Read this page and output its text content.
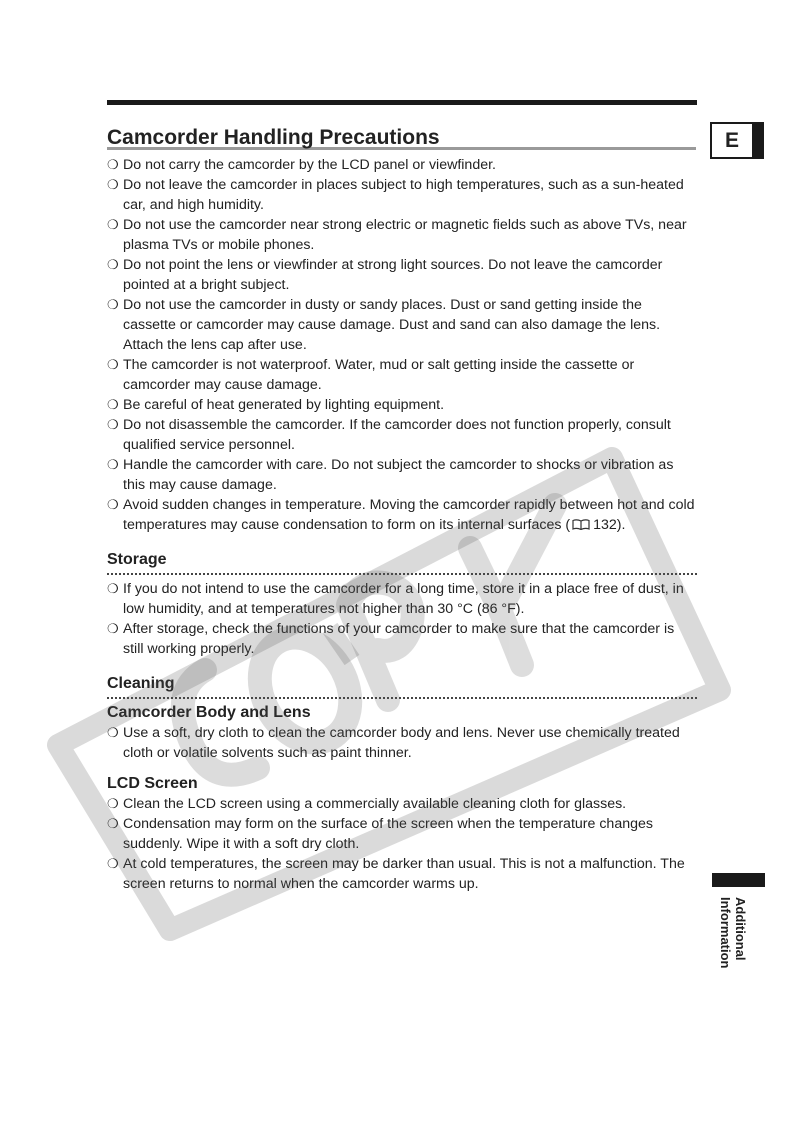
Camcorder Handling Precautions	E
❍ Do not carry the camcorder by the LCD panel or viewfinder.
❍ Do not leave the camcorder in places subject to high temperatures, such as a sun-heated car, and high humidity.
❍ Do not use the camcorder near strong electric or magnetic fields such as above TVs, near plasma TVs or mobile phones.
❍ Do not point the lens or viewfinder at strong light sources. Do not leave the camcorder pointed at a bright subject.
❍ Do not use the camcorder in dusty or sandy places. Dust or sand getting inside the cassette or camcorder may cause damage. Dust and sand can also damage the lens. Attach the lens cap after use.
❍ The camcorder is not waterproof. Water, mud or salt getting inside the cassette or camcorder may cause damage.
❍ Be careful of heat generated by lighting equipment.
❍ Do not disassemble the camcorder. If the camcorder does not function properly, consult qualified service personnel.
❍ Handle the camcorder with care. Do not subject the camcorder to shocks or vibration as this may cause damage.
❍ Avoid sudden changes in temperature. Moving the camcorder rapidly between hot and cold temperatures may cause condensation to form on its internal surfaces ( 132).
Storage
❍ If you do not intend to use the camcorder for a long time, store it in a place free of dust, in low humidity, and at temperatures not higher than 30 °C (86 °F).
❍ After storage, check the functions of your camcorder to make sure that the camcorder is still working properly.
Cleaning
Camcorder Body and Lens
❍ Use a soft, dry cloth to clean the camcorder body and lens. Never use chemically treated cloth or volatile solvents such as paint thinner.
LCD Screen
❍ Clean the LCD screen using a commercially available cleaning cloth for glasses.
❍ Condensation may form on the surface of the screen when the temperature changes suddenly. Wipe it with a soft dry cloth.
❍ At cold temperatures, the screen may be darker than usual. This is not a malfunction. The screen returns to normal when the camcorder warms up.
Additional
Information
